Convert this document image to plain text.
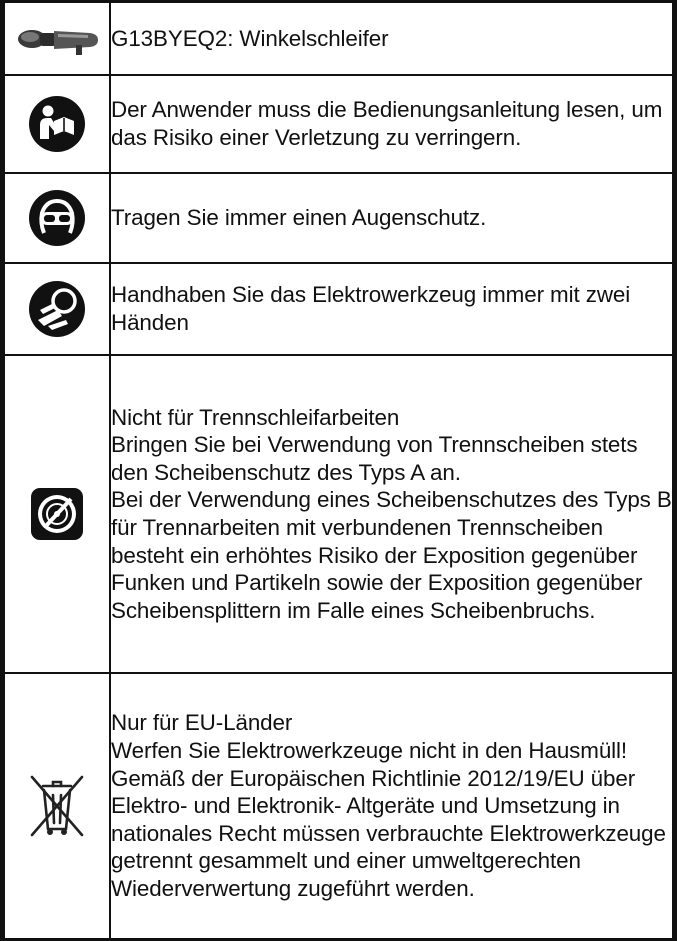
G13BYEQ2: Winkelschleifer

Der Anwender muss die Bedienungsanleitung lesen, um das Risiko einer Verletzung zu verringern.

Tragen Sie immer einen Augenschutz.

Handhaben Sie das Elektrowerkzeug immer mit zwei Händen

Nicht für Trennschleifarbeiten

Bringen Sie bei Verwendung von Trennscheiben stets den Scheibenschutz des Typs A an.

Bei der Verwendung eines Scheibenschutzes des Typs B für Trennarbeiten mit verbundenen Trennscheiben besteht ein erhöhtes Risiko der Exposition gegenüber Funken und Partikeln sowie der Exposition gegenüber Scheibensplittern im Falle eines Scheibenbruchs.

Nur für EU-Länder

Werfen Sie Elektrowerkzeuge nicht in den Hausmüll!

Gemäß der Europäischen Richtlinie 2012/19/EU über Elektro- und Elektronik- Altgeräte und Umsetzung in nationales Recht müssen verbrauchte Elektrowerkzeuge getrennt gesammelt und einer umweltgerechten Wiederverwertung zugeführt werden.
